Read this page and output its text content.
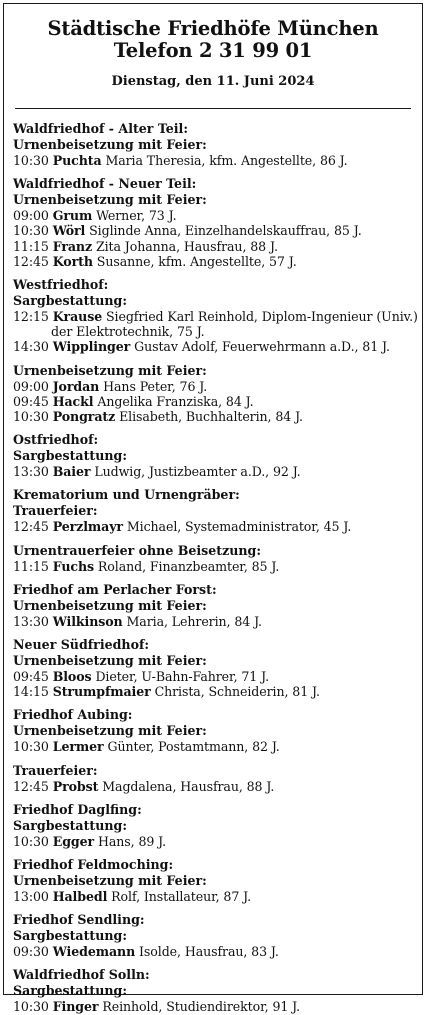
Städtische Friedhöfe München
Telefon 2 31 99 01
Dienstag, den 11. Juni 2024
Waldfriedhof - Alter Teil:
Urnenbeisetzung mit Feier:
10:30 Puchta Maria Theresia, kfm. Angestellte, 86 J.
Waldfriedhof - Neuer Teil:
Urnenbeisetzung mit Feier:
09:00 Grum Werner, 73 J.
10:30 Wörl Siglinde Anna, Einzelhandelskauffrau, 85 J.
11:15 Franz Zita Johanna, Hausfrau, 88 J.
12:45 Korth Susanne, kfm. Angestellte, 57 J.
Westfriedhof:
Sargbestattung:
12:15 Krause Siegfried Karl Reinhold, Diplom-Ingenieur (Univ.)
der Elektrotechnik, 75 J.
14:30 Wipplinger Gustav Adolf, Feuerwehrmann a.D., 81 J.
Urnenbeisetzung mit Feier:
09:00 Jordan Hans Peter, 76 J.
09:45 Hackl Angelika Franziska, 84 J.
10:30 Pongratz Elisabeth, Buchhalterin, 84 J.
Ostfriedhof:
Sargbestattung:
13:30 Baier Ludwig, Justizbeamter a.D., 92 J.
Krematorium und Urnengräber:
Trauerfeier:
12:45 Perzlmayr Michael, Systemadministrator, 45 J.
Urnentrauerfeier ohne Beisetzung:
11:15 Fuchs Roland, Finanzbeamter, 85 J.
Friedhof am Perlacher Forst:
Urnenbeisetzung mit Feier:
13:30 Wilkinson Maria, Lehrerin, 84 J.
Neuer Südfriedhof:
Urnenbeisetzung mit Feier:
09:45 Bloos Dieter, U-Bahn-Fahrer, 71 J.
14:15 Strumpfmaier Christa, Schneiderin, 81 J.
Friedhof Aubing:
Urnenbeisetzung mit Feier:
10:30 Lermer Günter, Postamtmann, 82 J.
Trauerfeier:
12:45 Probst Magdalena, Hausfrau, 88 J.
Friedhof Daglfing:
Sargbestattung:
10:30 Egger Hans, 89 J.
Friedhof Feldmoching:
Urnenbeisetzung mit Feier:
13:00 Halbedl Rolf, Installateur, 87 J.
Friedhof Sendling:
Sargbestattung:
09:30 Wiedemann Isolde, Hausfrau, 83 J.
Waldfriedhof Solln:
Sargbestattung:
10:30 Finger Reinhold, Studiendirektor, 91 J.
